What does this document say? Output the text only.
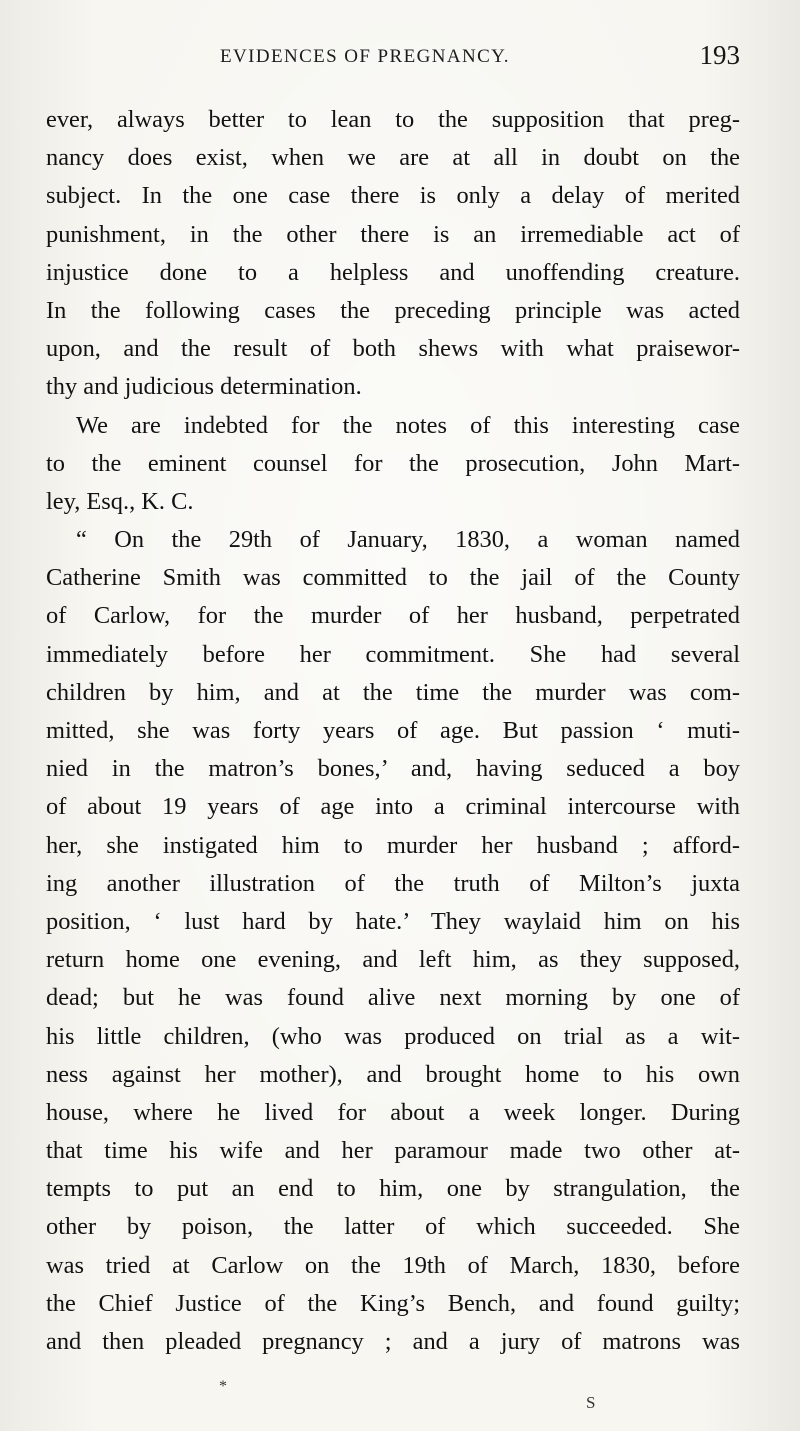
EVIDENCES OF PREGNANCY.	193
ever, always better to lean to the supposition that preg-
nancy does exist, when we are at all in doubt on the
subject. In the one case there is only a delay of merited
punishment, in the other there is an irremediable act of
injustice done to a helpless and unoffending creature.
In the following cases the preceding principle was acted
upon, and the result of both shews with what praisewor-
thy and judicious determination.
We are indebted for the notes of this interesting case
to the eminent counsel for the prosecution, John Mart-
ley, Esq., K. C.
“ On the 29th of January, 1830, a woman named
Catherine Smith was committed to the jail of the County
of Carlow, for the murder of her husband, perpetrated
immediately before her commitment. She had several
children by him, and at the time the murder was com-
mitted, she was forty years of age. But passion ‘ muti-
nied in the matron’s bones,’ and, having seduced a boy
of about 19 years of age into a criminal intercourse with
her, she instigated him to murder her husband ; afford-
ing another illustration of the truth of Milton’s juxta
position, ‘ lust hard by hate.’ They waylaid him on his
return home one evening, and left him, as they supposed,
dead; but he was found alive next morning by one of
his little children, (who was produced on trial as a wit-
ness against her mother), and brought home to his own
house, where he lived for about a week longer. During
that time his wife and her paramour made two other at-
tempts to put an end to him, one by strangulation, the
other by poison, the latter of which succeeded. She
was tried at Carlow on the 19th of March, 1830, before
the Chief Justice of the King’s Bench, and found guilty;
and then pleaded pregnancy ; and a jury of matrons was
*
S
